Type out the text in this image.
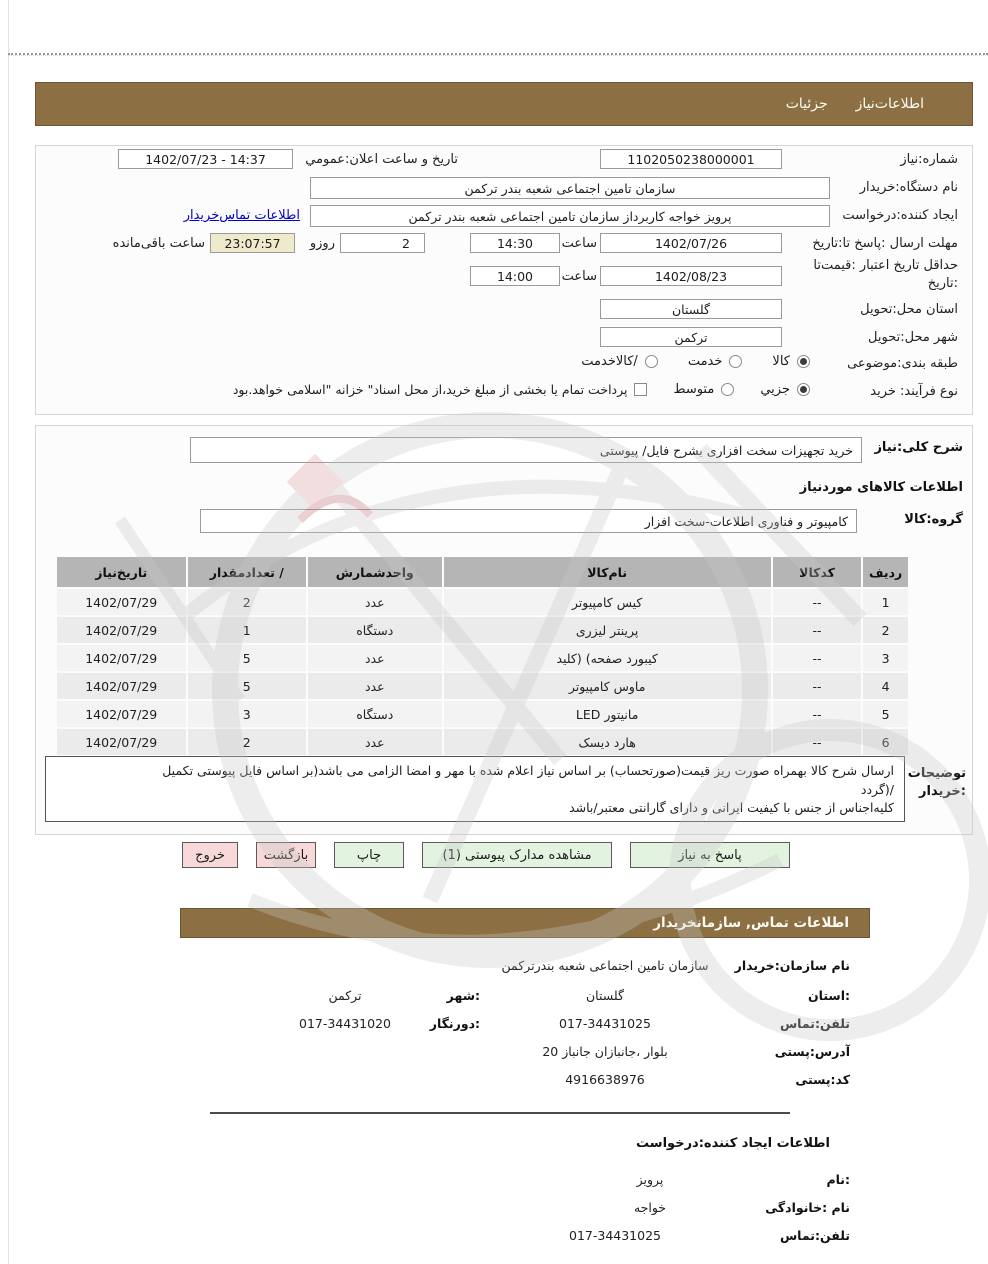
اطلاعات‌نیاز
جزئیات
شماره:نیاز
1102050238000001
تاریخ و ساعت اعلان:عمومي
14:37 - 1402/07/23
نام دستگاه:خریدار
سازمان تامین اجتماعی شعبه بندر ترکمن
ایجاد کننده:درخواست
پرویز خواجه کاربرداز سازمان تامین اجتماعی شعبه بندر ترکمن
اطلاعات تماس‌خریدار
مهلت ارسال :پاسخ تا:تاریخ
1402/07/26
ساعت
14:30
2
روزو
23:07:57
ساعت باقی‌مانده
حداقل تاریخ اعتبار :قیمت‌تا
:تاریخ
1402/08/23
ساعت
14:00
استان محل:تحویل
گلستان
شهر محل:تحویل
ترکمن
طبقه بندی:موضوعی
کالا
خدمت
/کالاخدمت
نوع فرآیند: خرید
جزیي
متوسط
پرداخت تمام یا بخشی از مبلغ خرید،از محل اسناد" خزانه "اسلامی خواهد.بود
شرح کلی:نیاز
خرید تجهیزات سخت افزاری بشرح فایل/ پیوستی
اطلاعات کالاهای موردنیاز
گروه:کالا
کامپیوتر و فناوری اطلاعات-سخت افزار
ردیف	کدکالا	نام‌کالا	واحدشمارش	/ تعدادمقدار	تاریخ‌نیاز
1	--	کیس کامپیوتر	عدد	2	1402/07/29
2	--	پرینتر لیزری	دستگاه	1	1402/07/29
3	--	کیبورد صفحه) (کلید	عدد	5	1402/07/29
4	--	ماوس کامپیوتر	عدد	5	1402/07/29
5	--	مانیتور LED	دستگاه	3	1402/07/29
6	--	هارد دیسک	عدد	2	1402/07/29
توضیحات
:خریدار
ارسال شرح کالا بهمراه صورت ریز قیمت(صورتحساب) بر اساس نیاز اعلام شده با مهر و امضا الزامی می باشد(بر اساس فایل پیوستی تکمیل
/(گردد
کلیه‌اجناس از جنس با کیفیت ایرانی و دارای گارانتی معتبر/باشد
پاسخ به نیاز
مشاهده مدارک پیوستی (1)
چاپ
بازگشت
خروج
اطلاعات تماس, سازمانخریدار
نام سازمان:خریدار
سازمان تامین اجتماعی شعبه بندرترکمن
:استان
گلستان
:شهر
ترکمن
تلفن:تماس
017-34431025
:دورنگار
017-34431020
آدرس:پستی
بلوار ،جانبازان جانباز 20
کد:پستی
4916638976
اطلاعات ایجاد کننده:درخواست
:نام
پرویز
نام :خانوادگی
خواجه
تلفن:تماس
017-34431025
